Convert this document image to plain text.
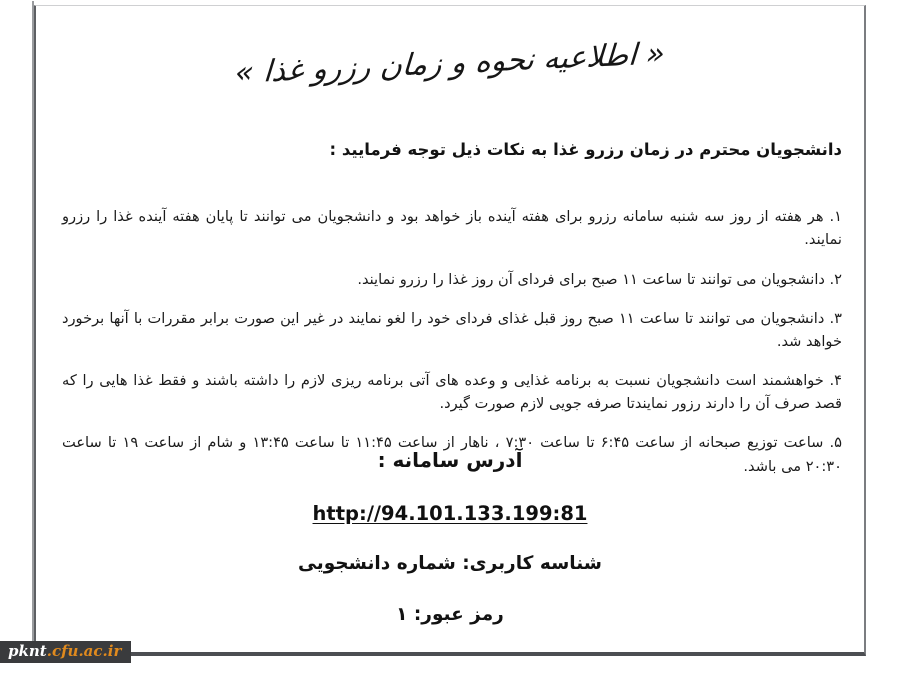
« اطلاعیه نحوه و زمان رزرو غذا »
دانشجویان محترم در زمان رزرو غذا به نکات ذیل توجه فرمایید :

۱. هر هفته از روز سه شنبه سامانه رزرو برای هفته آینده باز خواهد بود و دانشجویان می توانند تا پایان هفته آینده غذا را رزرو نمایند.

۲. دانشجویان می توانند تا ساعت ۱۱ صبح برای فردای آن روز غذا را رزرو نمایند.

۳. دانشجویان می توانند تا ساعت ۱۱ صبح روز قبل غذای فردای خود را لغو نمایند در غیر این صورت برابر مقررات با آنها برخورد خواهد شد.

۴. خواهشمند است دانشجویان نسبت به برنامه غذایی و وعده های آتی برنامه ریزی لازم را داشته باشند و فقط غذا هایی را که قصد صرف آن را دارند رزور نمایندتا صرفه جویی لازم صورت گیرد.

۵. ساعت توزیع صبحانه از ساعت ۶:۴۵ تا ساعت ۷:۳۰ ، ناهار از ساعت ۱۱:۴۵ تا ساعت ۱۳:۴۵ و شام از ساعت ۱۹ تا ساعت ۲۰:۳۰ می باشد.

آدرس سامانه :
http://94.101.133.199:81
شناسه کاربری: شماره دانشجویی
رمز عبور: ۱
pknt.cfu.ac.ir
